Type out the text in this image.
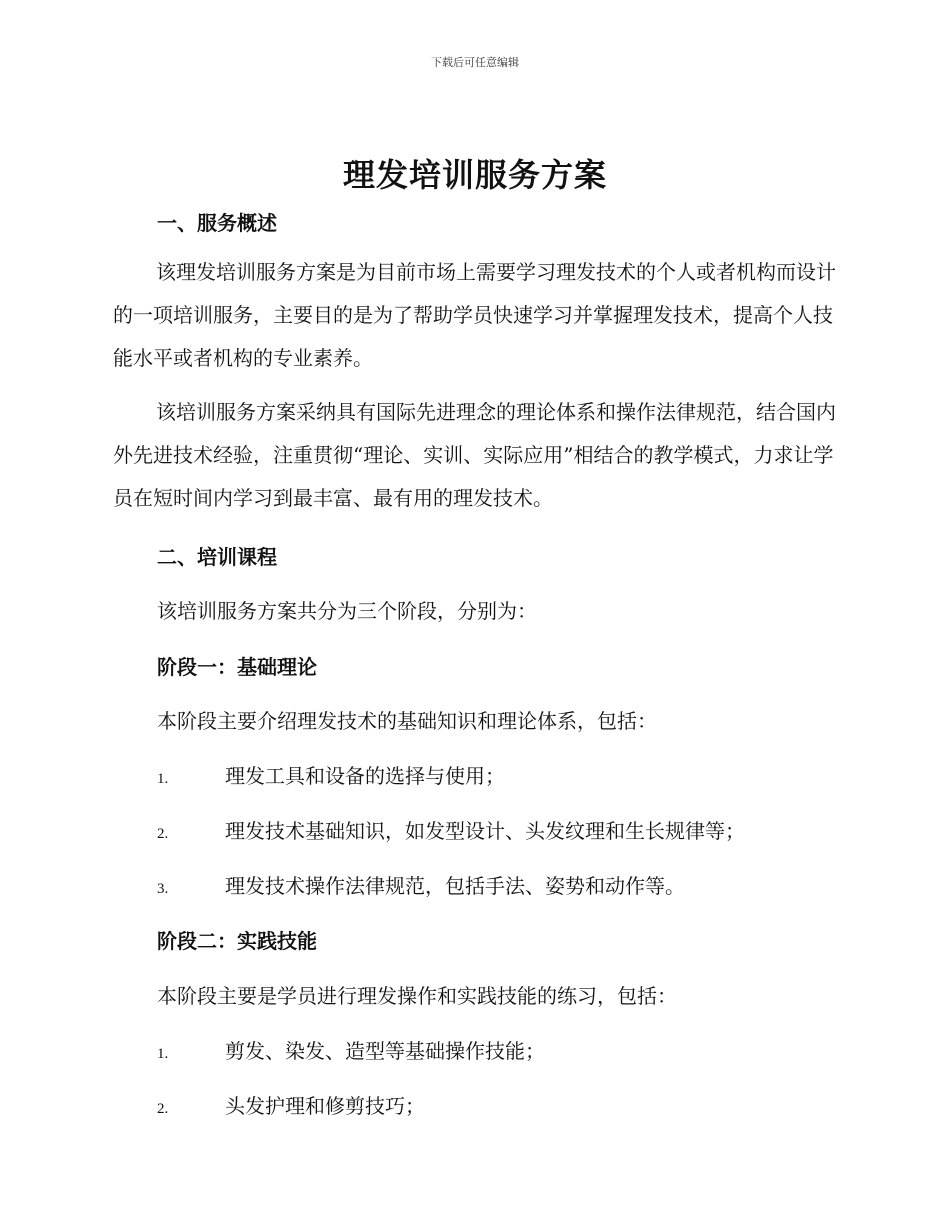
下载后可任意编辑
理发培训服务方案
一、服务概述

该理发培训服务方案是为目前市场上需要学习理发技术的个人或者机构而设计的一项培训服务，主要目的是为了帮助学员快速学习并掌握理发技术，提高个人技能水平或者机构的专业素养。

该培训服务方案采纳具有国际先进理念的理论体系和操作法律规范，结合国内外先进技术经验，注重贯彻“理论、实训、实际应用”相结合的教学模式，力求让学员在短时间内学习到最丰富、最有用的理发技术。

二、培训课程
该培训服务方案共分为三个阶段，分别为：
阶段一：基础理论
本阶段主要介绍理发技术的基础知识和理论体系，包括：
1.	理发工具和设备的选择与使用；
2.	理发技术基础知识，如发型设计、头发纹理和生长规律等；
3.	理发技术操作法律规范，包括手法、姿势和动作等。
阶段二：实践技能
本阶段主要是学员进行理发操作和实践技能的练习，包括：
1.	剪发、染发、造型等基础操作技能；
2.	头发护理和修剪技巧；
